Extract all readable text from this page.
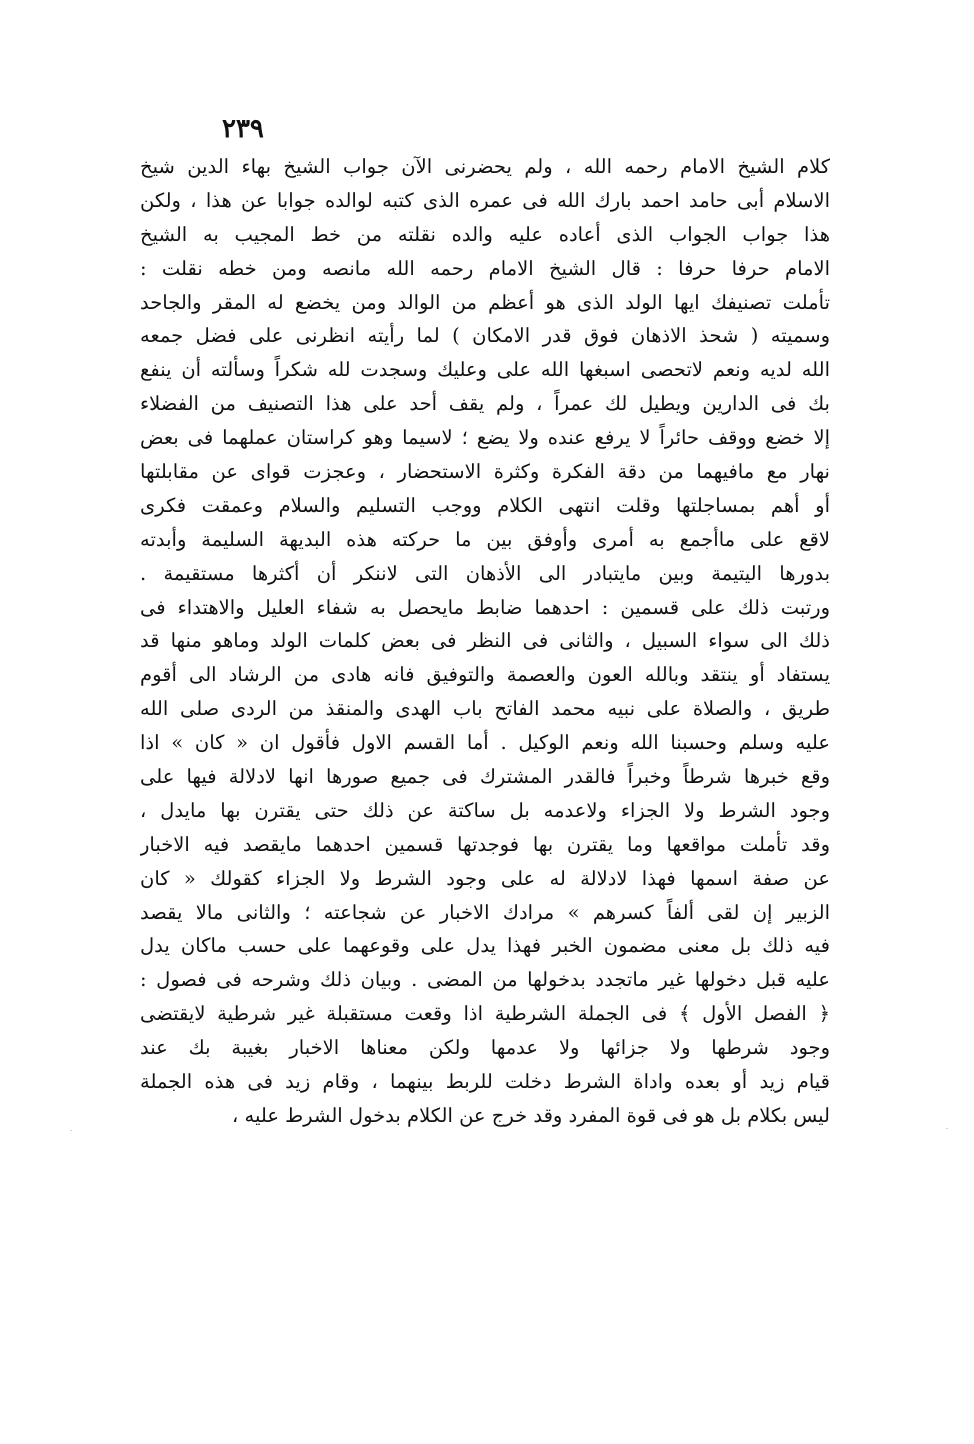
٢٣٩
كلام الشيخ الامام رحمه الله ، ولم يحضرنى الآن جواب الشيخ بهاء الدين شيخ
الاسلام أبى حامد احمد بارك الله فى عمره الذى كتبه لوالده جوابا عن هذا ، ولكن
هذا جواب الجواب الذى أعاده عليه والده نقلته من خط المجيب به الشيخ
الامام حرفا حرفا : قال الشيخ الامام رحمه الله مانصه ومن خطه نقلت :
تأملت تصنيفك ايها الولد الذى هو أعظم من الوالد ومن يخضع له المقر والجاحد
وسميته ( شحذ الاذهان فوق قدر الامكان ) لما رأيته انظرنى على فضل جمعه
الله لديه ونعم لاتحصى اسبغها الله على وعليك وسجدت لله شكراً وسألته أن ينفع
بك فى الدارين ويطيل لك عمراً ، ولم يقف أحد على هذا التصنيف من الفضلاء
إلا خضع ووقف حائراً لا يرفع عنده ولا يضع ؛ لاسيما وهو كراستان عملهما فى بعض
نهار مع مافيهما من دقة الفكرة وكثرة الاستحضار ، وعجزت قواى عن مقابلتها
أو أهم بمساجلتها وقلت انتهى الكلام ووجب التسليم والسلام وعمقت فكرى
لاقع على ماأجمع به أمرى وأوفق بين ما حركته هذه البديهة السليمة وأبدته
بدورها اليتيمة وبين مايتبادر الى الأذهان التى لاننكر أن أكثرها مستقيمة .
ورتبت ذلك على قسمين : احدهما ضابط مايحصل به شفاء العليل والاهتداء فى
ذلك الى سواء السبيل ، والثانى فى النظر فى بعض كلمات الولد وماهو منها قد
يستفاد أو ينتقد وبالله العون والعصمة والتوفيق فانه هادى من الرشاد الى أقوم
طريق ، والصلاة على نبيه محمد الفاتح باب الهدى والمنقذ من الردى صلى الله
عليه وسلم وحسبنا الله ونعم الوكيل . أما القسم الاول فأقول ان « كان » اذا
وقع خبرها شرطاً وخبراً فالقدر المشترك فى جميع صورها انها لادلالة فيها على
وجود الشرط ولا الجزاء ولاعدمه بل ساكتة عن ذلك حتى يقترن بها مايدل ،
وقد تأملت مواقعها وما يقترن بها فوجدتها قسمين احدهما مايقصد فيه الاخبار
عن صفة اسمها فهذا لادلالة له على وجود الشرط ولا الجزاء كقولك « كان
الزبير إن لقى ألفاً كسرهم » مرادك الاخبار عن شجاعته ؛ والثانى مالا يقصد
فيه ذلك بل معنى مضمون الخبر فهذا يدل على وقوعهما على حسب ماكان يدل
عليه قبل دخولها غير ماتجدد بدخولها من المضى . وبيان ذلك وشرحه فى فصول :
﴿ الفصل الأول ﴾ فى الجملة الشرطية اذا وقعت مستقبلة غير شرطية لايقتضى
وجود شرطها ولا جزائها ولا عدمها ولكن معناها الاخبار بغيبة بك عند
قيام زيد أو بعده واداة الشرط دخلت للربط بينهما ، وقام زيد فى هذه الجملة
ليس بكلام بل هو فى قوة المفرد وقد خرج عن الكلام بدخول الشرط عليه ،
